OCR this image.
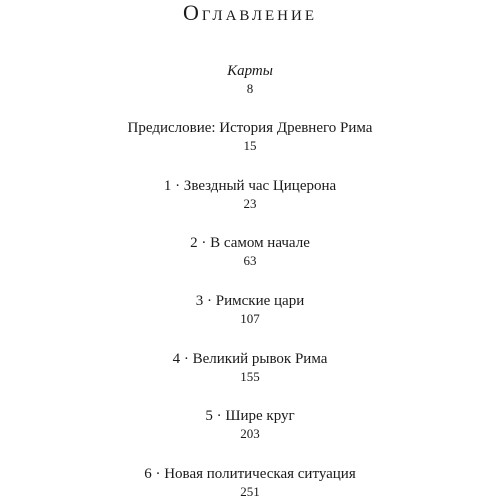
Оглавление
Карты
8
Предисловие: История Древнего Рима
15
1 · Звездный час Цицерона
23
2 · В самом начале
63
3 · Римские цари
107
4 · Великий рывок Рима
155
5 · Шире круг
203
6 · Новая политическая ситуация
251
